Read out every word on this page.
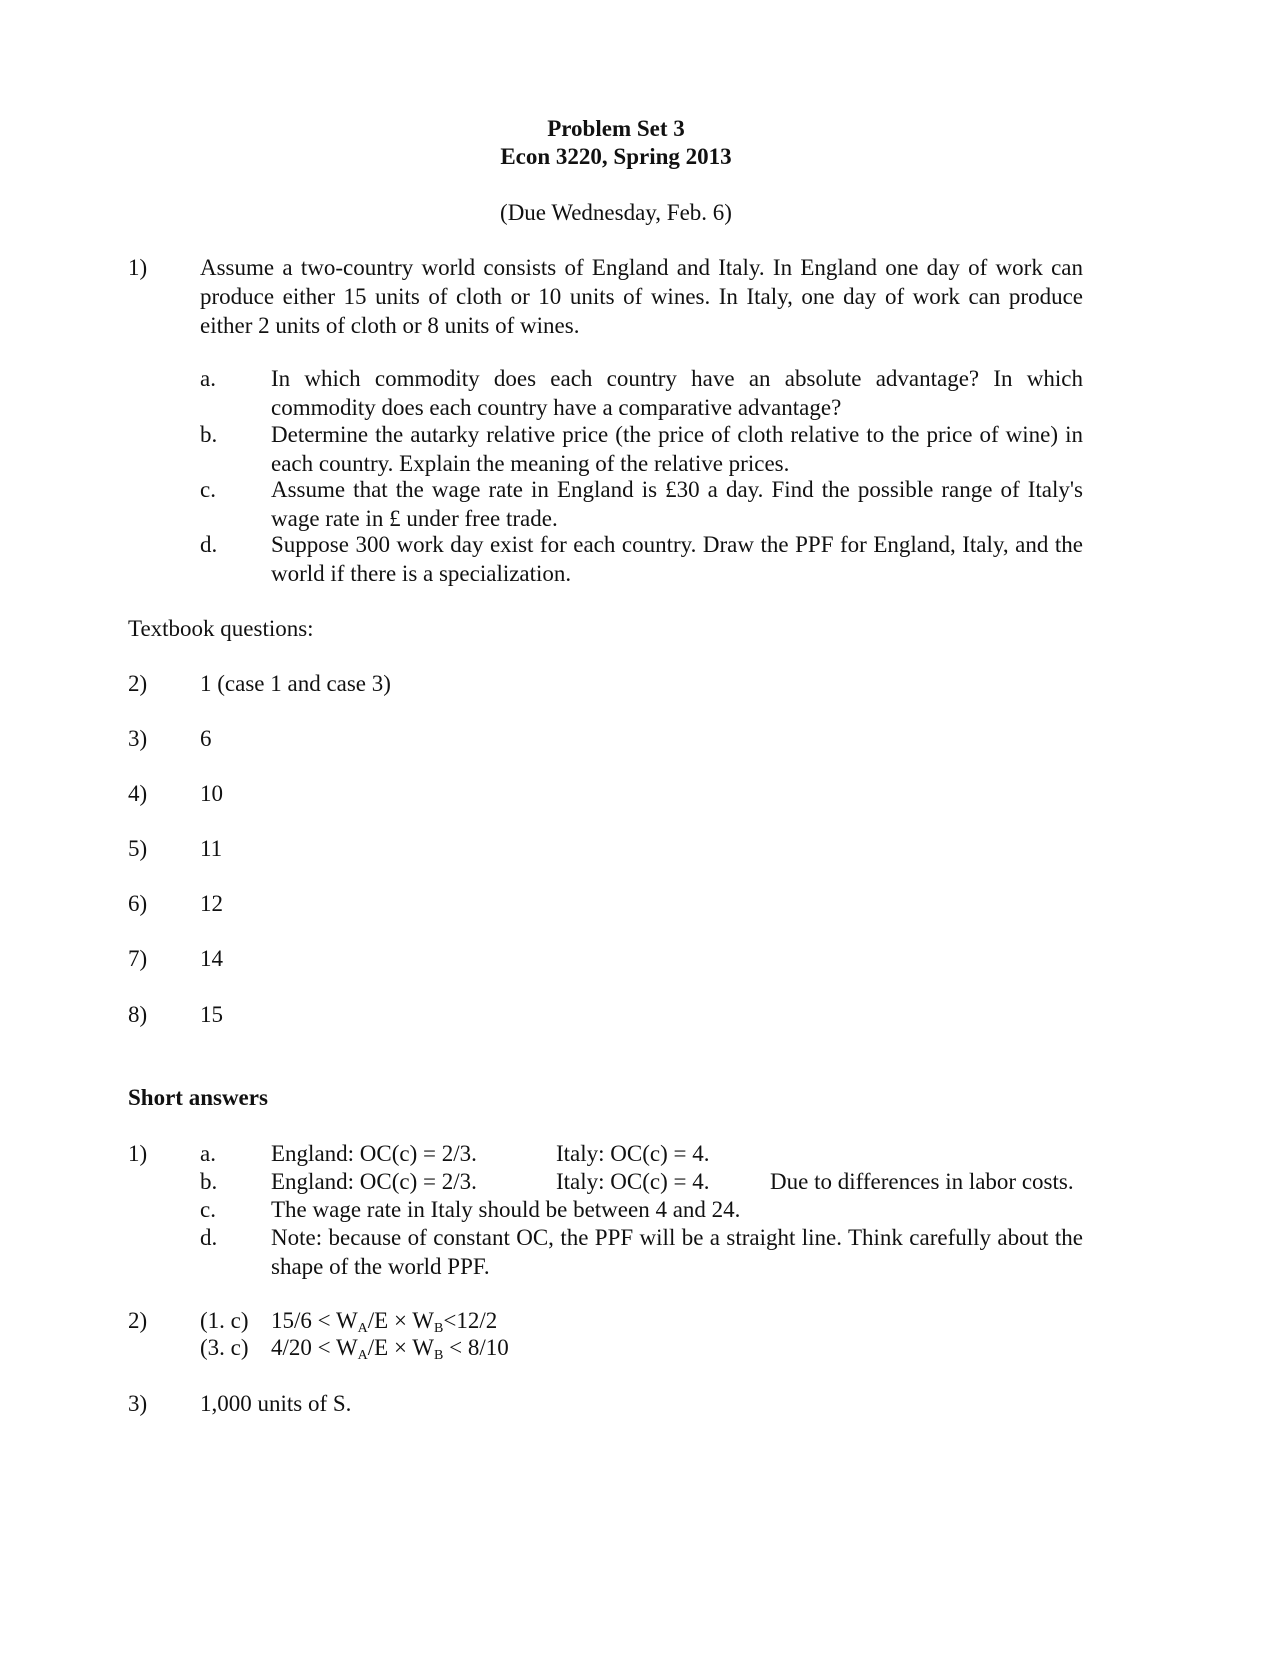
Problem Set 3
Econ 3220, Spring 2013
(Due Wednesday, Feb. 6)
1) Assume a two-country world consists of England and Italy. In England one day of work can produce either 15 units of cloth or 10 units of wines. In Italy, one day of work can produce either 2 units of cloth or 8 units of wines.
a. In which commodity does each country have an absolute advantage? In which commodity does each country have a comparative advantage?
b. Determine the autarky relative price (the price of cloth relative to the price of wine) in each country. Explain the meaning of the relative prices.
c. Assume that the wage rate in England is £30 a day. Find the possible range of Italy's wage rate in £ under free trade.
d. Suppose 300 work day exist for each country. Draw the PPF for England, Italy, and the world if there is a specialization.
Textbook questions:
2) 1 (case 1 and case 3)
3) 6
4) 10
5) 11
6) 12
7) 14
8) 15
Short answers
1) a. England: OC(c) = 2/3.	Italy: OC(c) = 4.
b. England: OC(c) = 2/3.	Italy: OC(c) = 4.	Due to differences in labor costs.
c. The wage rate in Italy should be between 4 and 24.
d. Note: because of constant OC, the PPF will be a straight line. Think carefully about the shape of the world PPF.
2) (1. c) $15/6 < W_A/E \times W_B<12/2$
(3. c) $4/20 < W_A/E \times W_B < 8/10$
3) 1,000 units of S.
